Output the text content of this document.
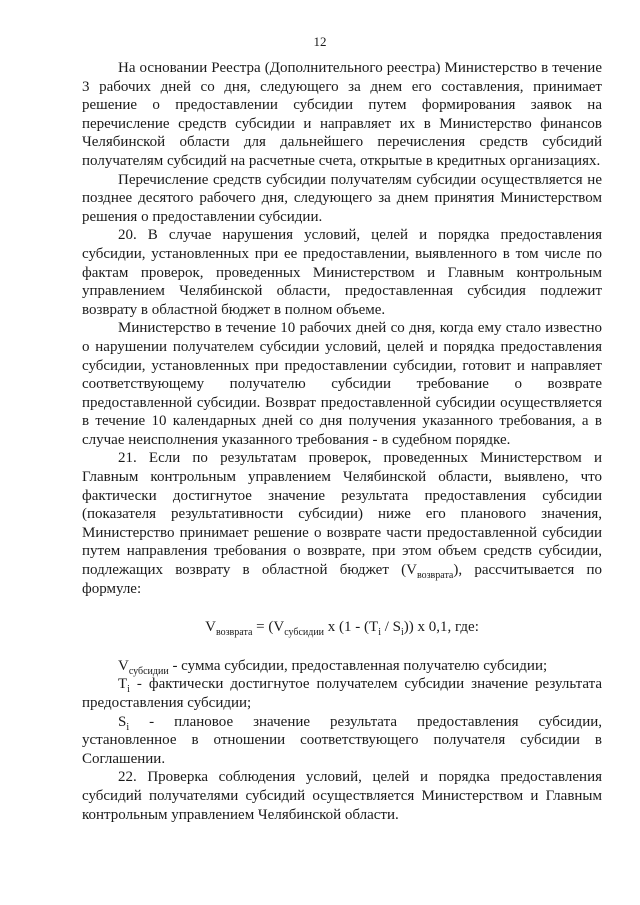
12

На основании Реестра (Дополнительного реестра) Министерство в течение 3 рабочих дней со дня, следующего за днем его составления, принимает решение о предоставлении субсидии путем формирования заявок на перечисление средств субсидии и направляет их в Министерство финансов Челябинской области для дальнейшего перечисления средств субсидий получателям субсидий на расчетные счета, открытые в кредитных организациях.

Перечисление средств субсидии получателям субсидии осуществляется не позднее десятого рабочего дня, следующего за днем принятия Министерством решения о предоставлении субсидии.

20. В случае нарушения условий, целей и порядка предоставления субсидии, установленных при ее предоставлении, выявленного в том числе по фактам проверок, проведенных Министерством и Главным контрольным управлением Челябинской области, предоставленная субсидия подлежит возврату в областной бюджет в полном объеме.

Министерство в течение 10 рабочих дней со дня, когда ему стало известно о нарушении получателем субсидии условий, целей и порядка предоставления субсидии, установленных при предоставлении субсидии, готовит и направляет соответствующему получателю субсидии требование о возврате предоставленной субсидии. Возврат предоставленной субсидии осуществляется в течение 10 календарных дней со дня получения указанного требования, а в случае неисполнения указанного требования - в судебном порядке.

21. Если по результатам проверок, проведенных Министерством и Главным контрольным управлением Челябинской области, выявлено, что фактически достигнутое значение результата предоставления субсидии (показателя результативности субсидии) ниже его планового значения, Министерство принимает решение о возврате части предоставленной субсидии путем направления требования о возврате, при этом объем средств субсидии, подлежащих возврату в областной бюджет $(V_{возврата})$, рассчитывается по формуле:

$V_{возврата} = (V_{субсидии}$ x $(1 - (T_i / S_i))$ x 0,1, где:

$V_{субсидии}$ - сумма субсидии, предоставленная получателю субсидии;

$T_i$ - фактически достигнутое получателем субсидии значение результата предоставления субсидии;

$S_i$ - плановое значение результата предоставления субсидии, установленное в отношении соответствующего получателя субсидии в Соглашении.

22. Проверка соблюдения условий, целей и порядка предоставления субсидий получателями субсидий осуществляется Министерством и Главным контрольным управлением Челябинской области.
